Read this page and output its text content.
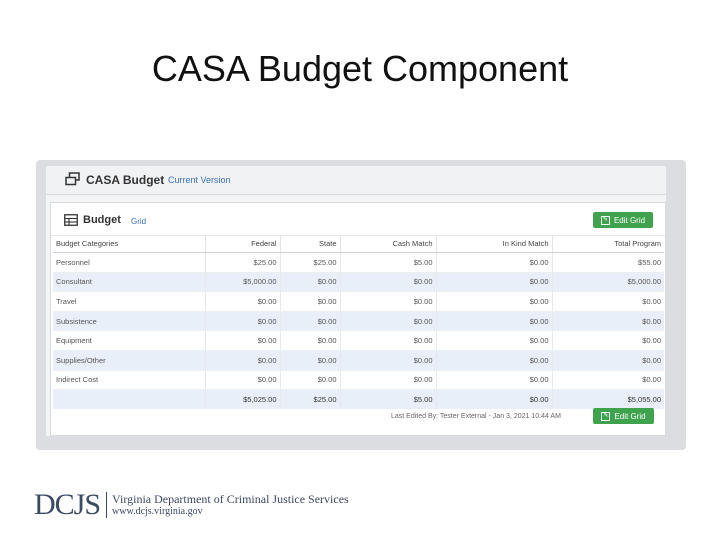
CASA Budget Component
CASA Budget Current Version
Budget Grid	✎ Edit Grid
Budget Categories	Federal	State	Cash Match	In Kind Match	Total Program
Personnel	$25.00	$25.00	$5.00	$0.00	$55.00
Consultant	$5,000.00	$0.00	$0.00	$0.00	$5,000.00
Travel	$0.00	$0.00	$0.00	$0.00	$0.00
Subsistence	$0.00	$0.00	$0.00	$0.00	$0.00
Equipment	$0.00	$0.00	$0.00	$0.00	$0.00
Supplies/Other	$0.00	$0.00	$0.00	$0.00	$0.00
Indirect Cost	$0.00	$0.00	$0.00	$0.00	$0.00
	$5,025.00	$25.00	$5.00	$0.00	$5,055.00
Last Edited By: Tester External - Jan 3, 2021 10:44 AM	✎ Edit Grid
DCJS Virginia Department of Criminal Justice Services
www.dcjs.virginia.gov
